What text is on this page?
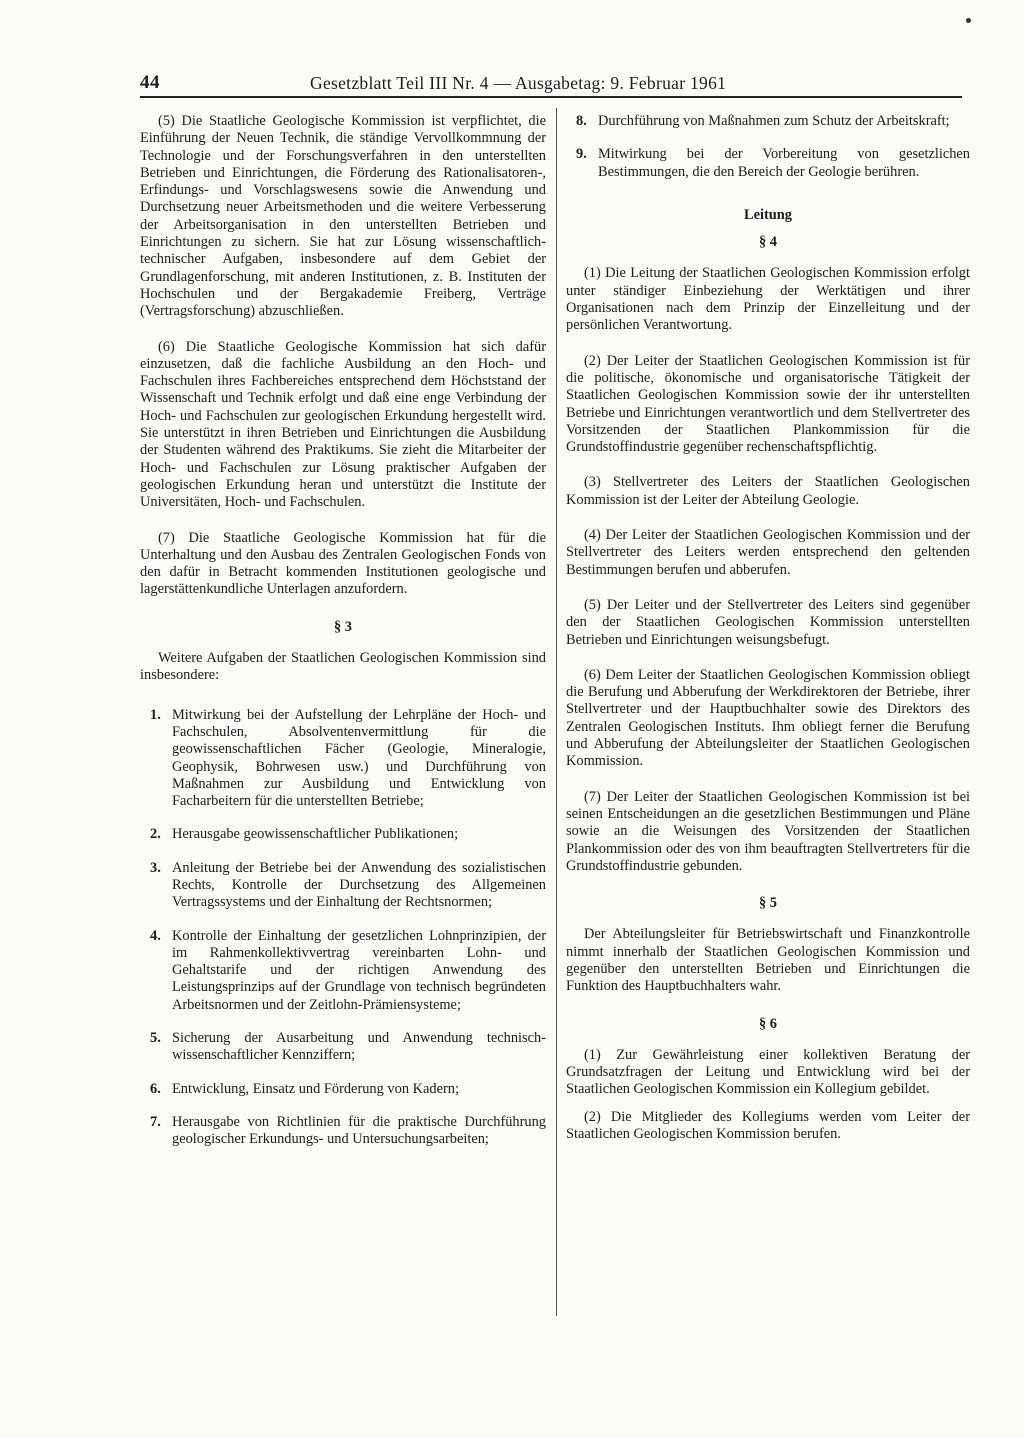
44	Gesetzblatt Teil III Nr. 4 — Ausgabetag: 9. Februar 1961

(5) Die Staatliche Geologische Kommission ist verpflichtet, die Einführung der Neuen Technik, die ständige Vervollkommnung der Technologie und der Forschungsverfahren in den unterstellten Betrieben und Einrichtungen, die Förderung des Rationalisatoren-, Erfindungs- und Vorschlagswesens sowie die Anwendung und Durchsetzung neuer Arbeitsmethoden und die weitere Verbesserung der Arbeitsorganisation in den unterstellten Betrieben und Einrichtungen zu sichern. Sie hat zur Lösung wissenschaftlich-technischer Aufgaben, insbesondere auf dem Gebiet der Grundlagenforschung, mit anderen Institutionen, z. B. Instituten der Hochschulen und der Bergakademie Freiberg, Verträge (Vertragsforschung) abzuschließen.

(6) Die Staatliche Geologische Kommission hat sich dafür einzusetzen, daß die fachliche Ausbildung an den Hoch- und Fachschulen ihres Fachbereiches entsprechend dem Höchststand der Wissenschaft und Technik erfolgt und daß eine enge Verbindung der Hoch- und Fachschulen zur geologischen Erkundung hergestellt wird. Sie unterstützt in ihren Betrieben und Einrichtungen die Ausbildung der Studenten während des Praktikums. Sie zieht die Mitarbeiter der Hoch- und Fachschulen zur Lösung praktischer Aufgaben der geologischen Erkundung heran und unterstützt die Institute der Universitäten, Hoch- und Fachschulen.

(7) Die Staatliche Geologische Kommission hat für die Unterhaltung und den Ausbau des Zentralen Geologischen Fonds von den dafür in Betracht kommenden Institutionen geologische und lagerstättenkundliche Unterlagen anzufordern.

§ 3

Weitere Aufgaben der Staatlichen Geologischen Kommission sind insbesondere:

1. Mitwirkung bei der Aufstellung der Lehrpläne der Hoch- und Fachschulen, Absolventenvermittlung für die geowissenschaftlichen Fächer (Geologie, Mineralogie, Geophysik, Bohrwesen usw.) und Durchführung von Maßnahmen zur Ausbildung und Entwicklung von Facharbeitern für die unterstellten Betriebe;
2. Herausgabe geowissenschaftlicher Publikationen;
3. Anleitung der Betriebe bei der Anwendung des sozialistischen Rechts, Kontrolle der Durchsetzung des Allgemeinen Vertragssystems und der Einhaltung der Rechtsnormen;
4. Kontrolle der Einhaltung der gesetzlichen Lohnprinzipien, der im Rahmenkollektivvertrag vereinbarten Lohn- und Gehaltstarife und der richtigen Anwendung des Leistungsprinzips auf der Grundlage von technisch begründeten Arbeitsnormen und der Zeitlohn-Prämiensysteme;
5. Sicherung der Ausarbeitung und Anwendung technisch-wissenschaftlicher Kennziffern;
6. Entwicklung, Einsatz und Förderung von Kadern;
7. Herausgabe von Richtlinien für die praktische Durchführung geologischer Erkundungs- und Untersuchungsarbeiten;
8. Durchführung von Maßnahmen zum Schutz der Arbeitskraft;
9. Mitwirkung bei der Vorbereitung von gesetzlichen Bestimmungen, die den Bereich der Geologie berühren.
Leitung
§ 4

(1) Die Leitung der Staatlichen Geologischen Kommission erfolgt unter ständiger Einbeziehung der Werktätigen und ihrer Organisationen nach dem Prinzip der Einzelleitung und der persönlichen Verantwortung.

(2) Der Leiter der Staatlichen Geologischen Kommission ist für die politische, ökonomische und organisatorische Tätigkeit der Staatlichen Geologischen Kommission sowie der ihr unterstellten Betriebe und Einrichtungen verantwortlich und dem Stellvertreter des Vorsitzenden der Staatlichen Plankommission für die Grundstoffindustrie gegenüber rechenschaftspflichtig.

(3) Stellvertreter des Leiters der Staatlichen Geologischen Kommission ist der Leiter der Abteilung Geologie.

(4) Der Leiter der Staatlichen Geologischen Kommission und der Stellvertreter des Leiters werden entsprechend den geltenden Bestimmungen berufen und abberufen.

(5) Der Leiter und der Stellvertreter des Leiters sind gegenüber den der Staatlichen Geologischen Kommission unterstellten Betrieben und Einrichtungen weisungsbefugt.

(6) Dem Leiter der Staatlichen Geologischen Kommission obliegt die Berufung und Abberufung der Werkdirektoren der Betriebe, ihrer Stellvertreter und der Hauptbuchhalter sowie des Direktors des Zentralen Geologischen Instituts. Ihm obliegt ferner die Berufung und Abberufung der Abteilungsleiter der Staatlichen Geologischen Kommission.

(7) Der Leiter der Staatlichen Geologischen Kommission ist bei seinen Entscheidungen an die gesetzlichen Bestimmungen und Pläne sowie an die Weisungen des Vorsitzenden der Staatlichen Plankommission oder des von ihm beauftragten Stellvertreters für die Grundstoffindustrie gebunden.

§ 5

Der Abteilungsleiter für Betriebswirtschaft und Finanzkontrolle nimmt innerhalb der Staatlichen Geologischen Kommission und gegenüber den unterstellten Betrieben und Einrichtungen die Funktion des Hauptbuchhalters wahr.

§ 6

(1) Zur Gewährleistung einer kollektiven Beratung der Grundsatzfragen der Leitung und Entwicklung wird bei der Staatlichen Geologischen Kommission ein Kollegium gebildet.

(2) Die Mitglieder des Kollegiums werden vom Leiter der Staatlichen Geologischen Kommission berufen.
